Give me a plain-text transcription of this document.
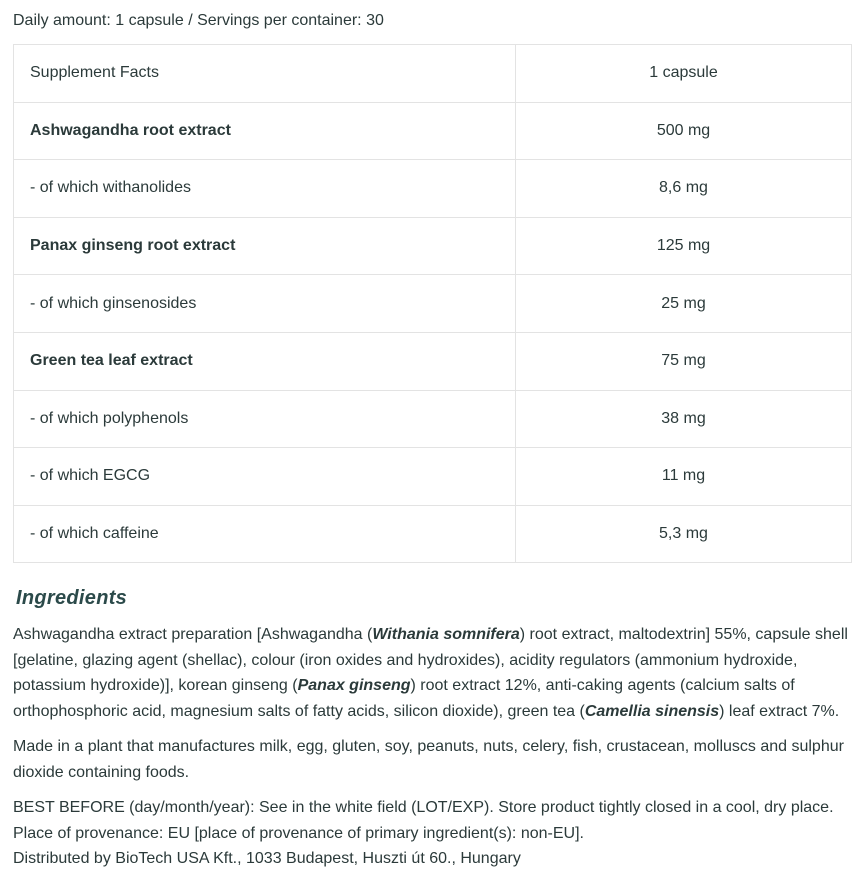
Daily amount: 1 capsule / Servings per container: 30
Supplement Facts	1 capsule
Ashwagandha root extract	500 mg
- of which withanolides	8,6 mg
Panax ginseng root extract	125 mg
- of which ginsenosides	25 mg
Green tea leaf extract	75 mg
- of which polyphenols	38 mg
- of which EGCG	11 mg
- of which caffeine	5,3 mg
Ingredients

Ashwagandha extract preparation [Ashwagandha (Withania somnifera) root extract, maltodextrin] 55%, capsule shell [gelatine, glazing agent (shellac), colour (iron oxides and hydroxides), acidity regulators (ammonium hydroxide, potassium hydroxide)], korean ginseng (Panax ginseng) root extract 12%, anti-caking agents (calcium salts of orthophosphoric acid, magnesium salts of fatty acids, silicon dioxide), green tea (Camellia sinensis) leaf extract 7%.

Made in a plant that manufactures milk, egg, gluten, soy, peanuts, nuts, celery, fish, crustacean, molluscs and sulphur dioxide containing foods.

BEST BEFORE (day/month/year): See in the white field (LOT/EXP). Store product tightly closed in a cool, dry place.
Place of provenance: EU [place of provenance of primary ingredient(s): non-EU].
Distributed by BioTech USA Kft., 1033 Budapest, Huszti út 60., Hungary
